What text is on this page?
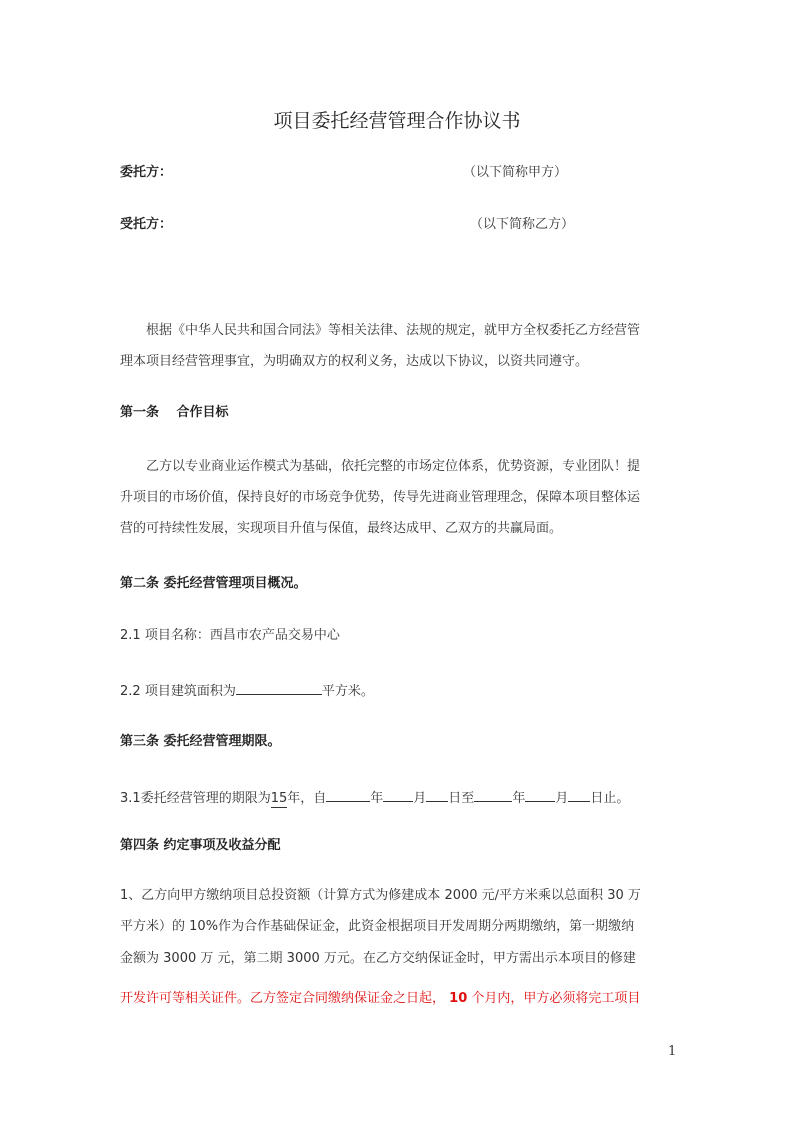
项目委托经营管理合作协议书
委托方：	（以下简称甲方）
受托方：	（以下简称乙方）
根据《中华人民共和国合同法》等相关法律、法规的规定，就甲方全权委托乙方经营管
理本项目经营管理事宜，为明确双方的权利义务，达成以下协议，以资共同遵守。
第一条　 合作目标
乙方以专业商业运作模式为基础，依托完整的市场定位体系，优势资源，专业团队！提
升项目的市场价值，保持良好的市场竞争优势，传导先进商业管理理念，保障本项目整体运
营的可持续性发展，实现项目升值与保值，最终达成甲、乙双方的共赢局面。
第二条 委托经营管理项目概况。
2.1 项目名称：西昌市农产品交易中心
2.2 项目建筑面积为	平方米。
第三条 委托经营管理期限。
3.1委托经营管理的期限为15年，自	年 月 日至	年 月 日止。
第四条 约定事项及收益分配
1、乙方向甲方缴纳项目总投资额（计算方式为修建成本 2000 元/平方米乘以总面积 30 万
平方米）的 10%作为合作基础保证金，此资金根据项目开发周期分两期缴纳，第一期缴纳
金额为 3000 万 元，第二期 3000 万元。在乙方交纳保证金时，甲方需出示本项目的修建
开发许可等相关证件。乙方签定合同缴纳保证金之日起， 10 个月内，甲方必须将完工项目
1
